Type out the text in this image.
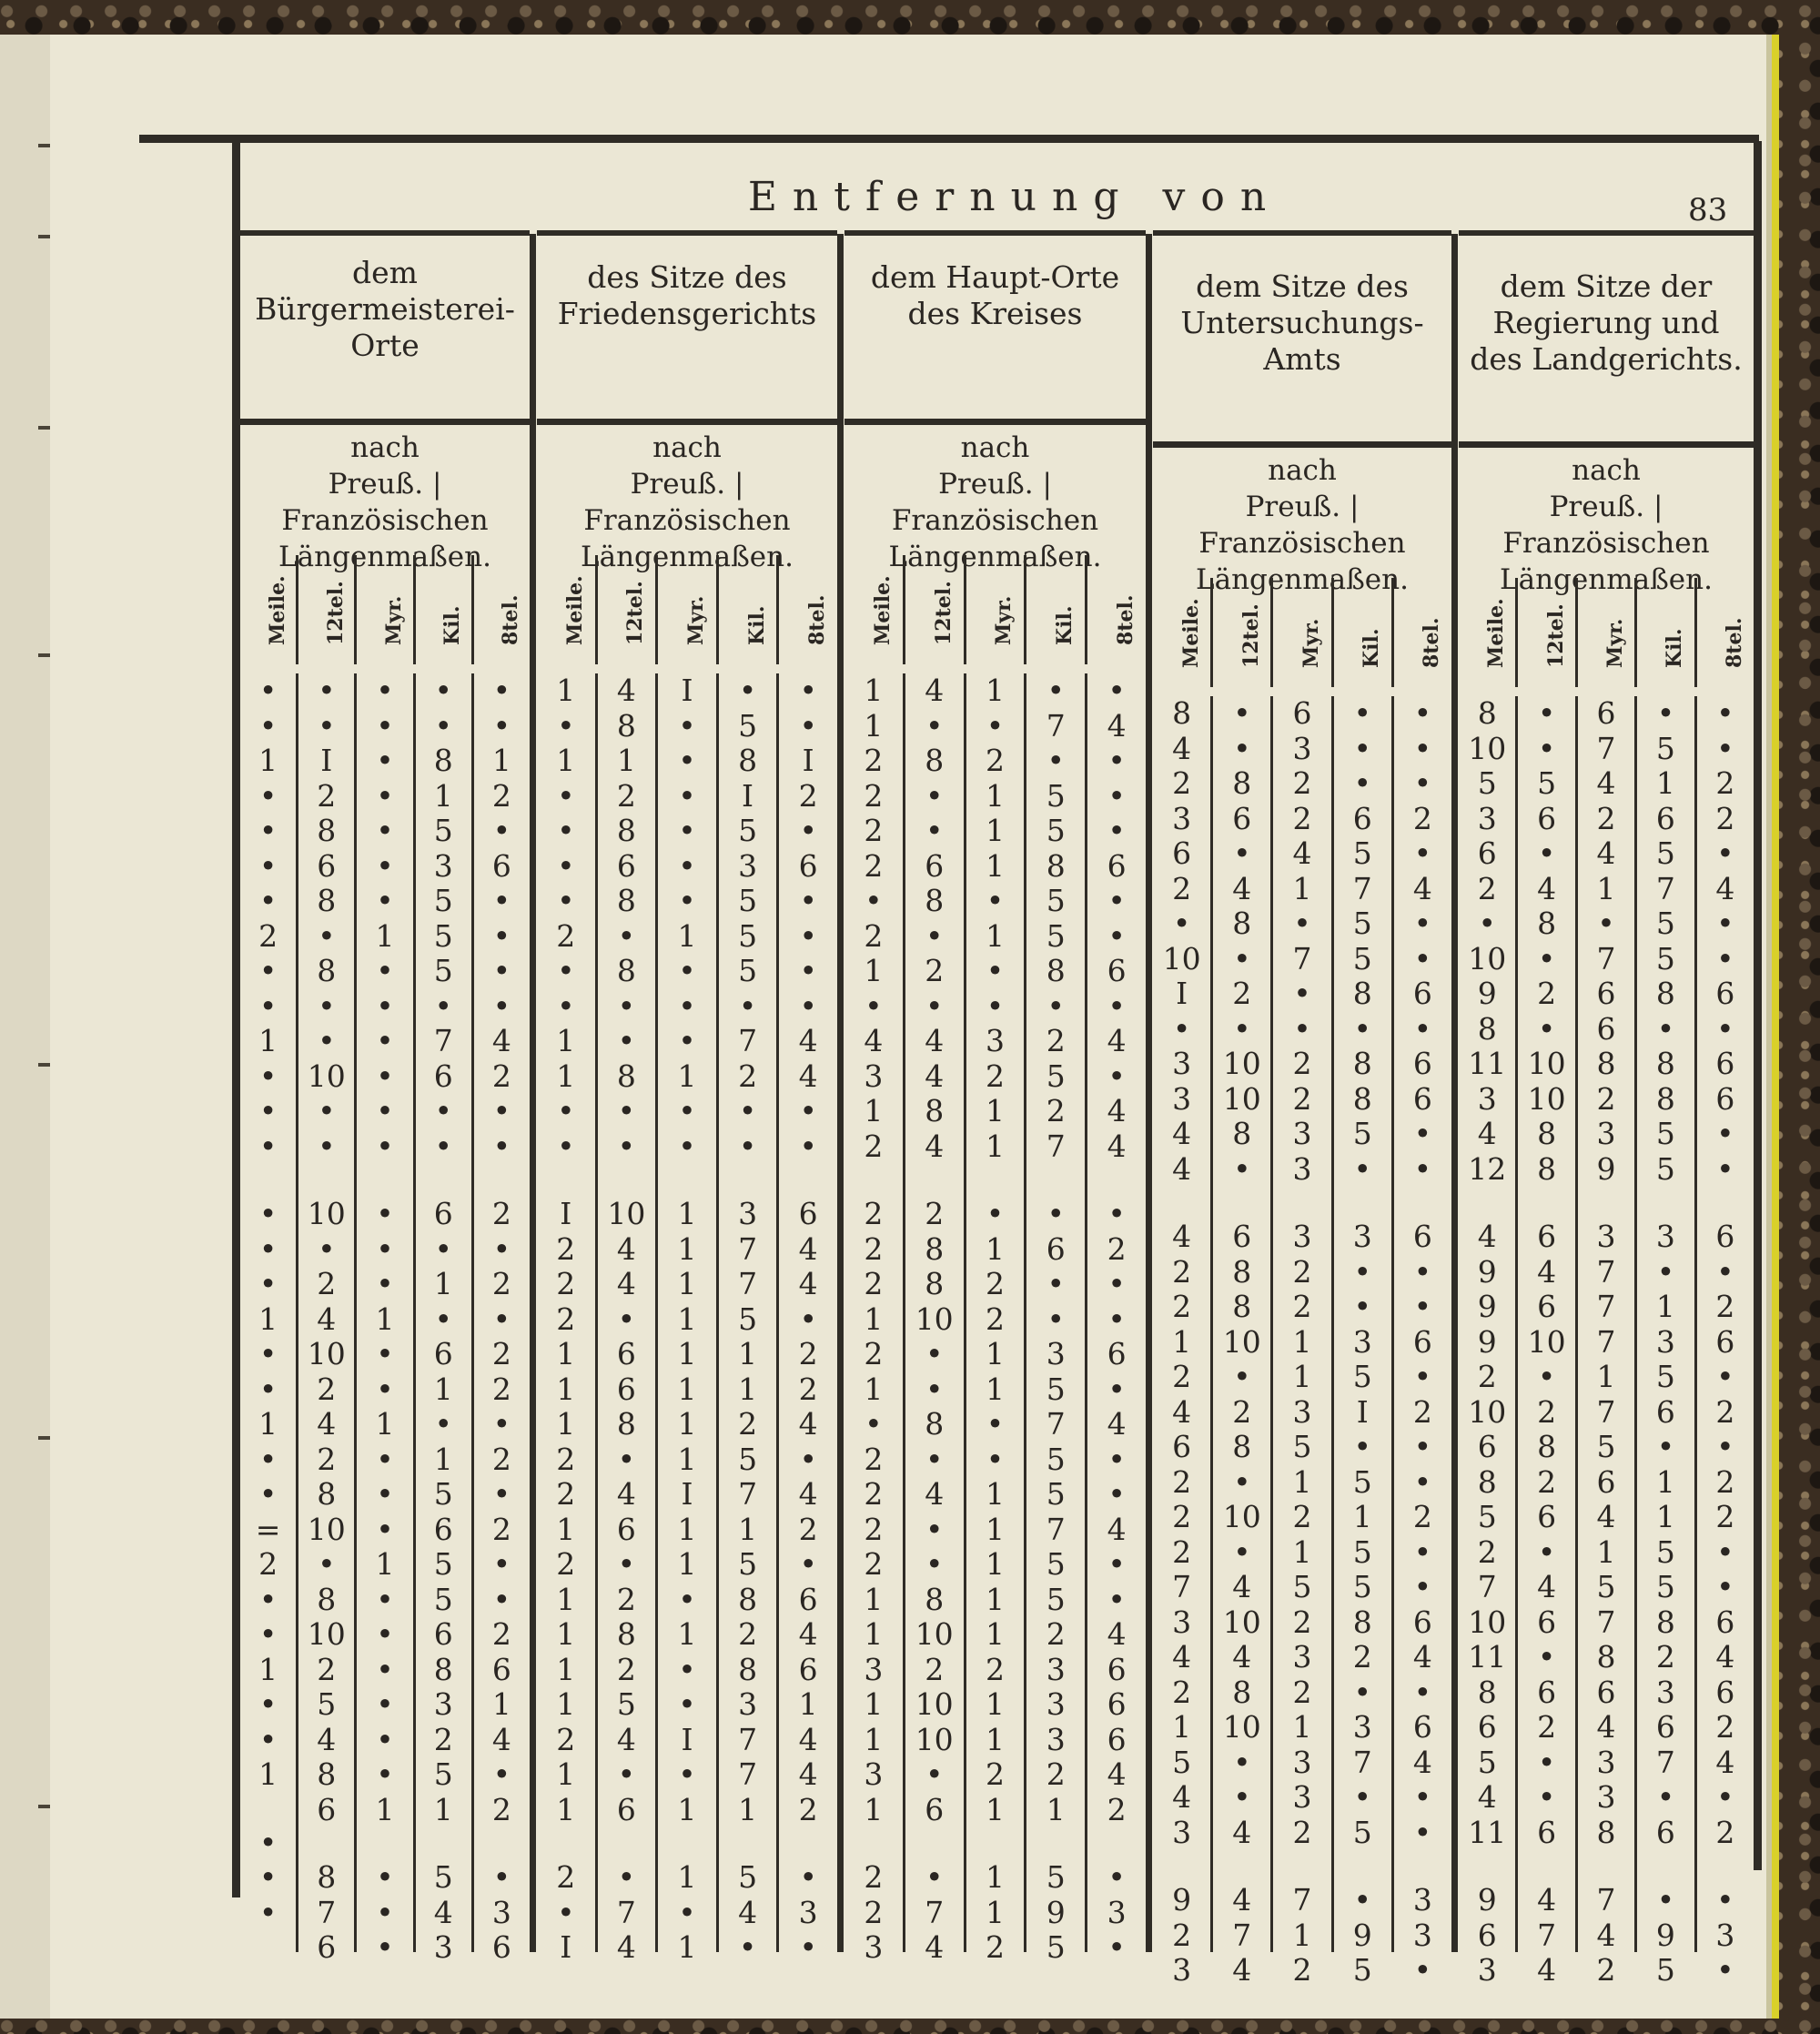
Entfernung von	83
dem Bürgermeisterei-Orte
nach
Preuß. | Französischen
Längenmaßen.
Meile. 12tel. Myr. Kil. 8tel.
•
•
1
•
•
•
•
2
•
•
1
•
•
•
•
•
•
1
•
•
1
•
•
=
2
•
•
1
•
•
1
•
•
•
•
•
I
2
8
6
8
•
8
•
•
10
•
•
10
•
2
4
10
2
4
2
8
10
•
8
10
2
5
4
8
6
8
7
6
•
•
•
•
•
•
•
1
•
•
•
•
•
•
•
•
•
1
•
•
1
•
•
•
1
•
•
•
•
•
•
1
•
•
•
•
•
8
1
5
3
5
5
5
•
7
6
•
•
6
•
1
•
6
1
•
1
5
6
5
5
6
8
3
2
5
1
5
4
3
•
•
1
2
•
6
•
•
•
•
4
2
•
•
2
•
2
•
2
2
•
2
•
2
•
•
2
6
1
4
•
2
•
3
6
des Sitze des Friedensgerichts
nach
Preuß. | Französischen
Längenmaßen.
Meile. 12tel. Myr. Kil. 8tel.
1
•
1
•
•
•
•
2
•
•
1
1
•
•
I
2
2
2
1
1
1
2
2
1
2
1
1
1
1
2
1
1
2
•
I
4
8
1
2
8
6
8
•
8
•
•
8
•
•
10
4
4
•
6
6
8
•
4
6
•
2
8
2
5
4
•
6
•
7
4
I
•
•
•
•
•
•
1
•
•
•
1
•
•
1
1
1
1
1
1
1
1
I
1
1
•
1
•
•
I
•
1
1
•
1
•
5
8
I
5
3
5
5
5
•
7
2
•
•
3
7
7
5
1
1
2
5
7
1
5
8
2
8
3
7
7
1
5
4
•
•
•
I
2
•
6
•
•
•
•
4
4
•
•
6
4
4
•
2
2
4
•
4
2
•
6
4
6
1
4
4
2
•
3
•
dem Haupt-Orte des Kreises
nach
Preuß. | Französischen
Längenmaßen.
Meile. 12tel. Myr. Kil. 8tel.
1
1
2
2
2
2
•
2
1
•
4
3
1
2
2
2
2
1
2
1
•
2
2
2
2
1
1
3
1
1
3
1
2
2
3
4
•
8
•
•
6
8
•
2
•
4
4
8
4
2
8
8
10
•
•
8
•
4
•
•
8
10
2
10
10
•
6
•
7
4
1
•
2
1
1
1
•
1
•
•
3
2
1
1
•
1
2
2
1
1
•
•
1
1
1
1
1
2
1
1
2
1
1
1
2
•
7
•
5
5
8
5
5
8
•
2
5
2
7
•
6
•
•
3
5
7
5
5
7
5
5
2
3
3
3
2
1
5
9
5
•
4
•
•
•
6
•
•
6
•
4
•
4
4
•
2
•
•
6
•
4
•
•
4
•
•
4
6
6
6
4
2
•
3
•
dem Sitze des Untersuchungs-Amts
nach
Preuß. | Französischen
Längenmaßen.
Meile. 12tel. Myr. Kil. 8tel.
8
4
2
3
6
2
•
10
I
•
3
3
4
4
4
2
2
1
2
4
6
2
2
2
7
3
4
2
1
5
4
3
9
2
3
•
•
8
6
•
4
8
•
2
•
10
10
8
•
6
8
8
10
•
2
8
•
10
•
4
10
4
8
10
•
•
4
4
7
4
6
3
2
2
4
1
•
7
•
•
2
2
3
3
3
2
2
1
1
3
5
1
2
1
5
2
3
2
1
3
3
2
7
1
2
•
•
•
6
5
7
5
5
8
•
8
8
5
•
3
•
•
3
5
I
•
5
1
5
5
8
2
•
3
7
•
5
•
9
5
•
•
•
2
•
4
•
•
6
•
6
6
•
•
6
•
•
6
•
2
•
•
2
•
•
6
4
•
6
4
•
•
3
3
•
dem Sitze der Regierung und des Landgerichts.
nach
Preuß. | Französischen
Längenmaßen.
Meile. 12tel. Myr. Kil. 8tel.
8
10
5
3
6
2
•
10
9
8
11
3
4
12
4
9
9
9
2
10
6
8
5
2
7
10
11
8
6
5
4
11
9
6
3
•
•
5
6
•
4
8
•
2
•
10
10
8
8
6
4
6
10
•
2
8
2
6
•
4
6
•
6
2
•
•
6
4
7
4
6
7
4
2
4
1
•
7
6
6
8
2
3
9
3
7
7
7
1
7
5
6
4
1
5
7
8
6
4
3
3
8
7
4
2
•
5
1
6
5
7
5
5
8
•
8
8
5
5
3
•
1
3
5
6
•
1
1
5
5
8
2
3
6
7
•
6
•
9
5
•
•
2
2
•
4
•
•
6
•
6
6
•
•
6
•
2
6
•
2
•
2
2
•
•
6
4
6
2
4
•
2
•
3
•
